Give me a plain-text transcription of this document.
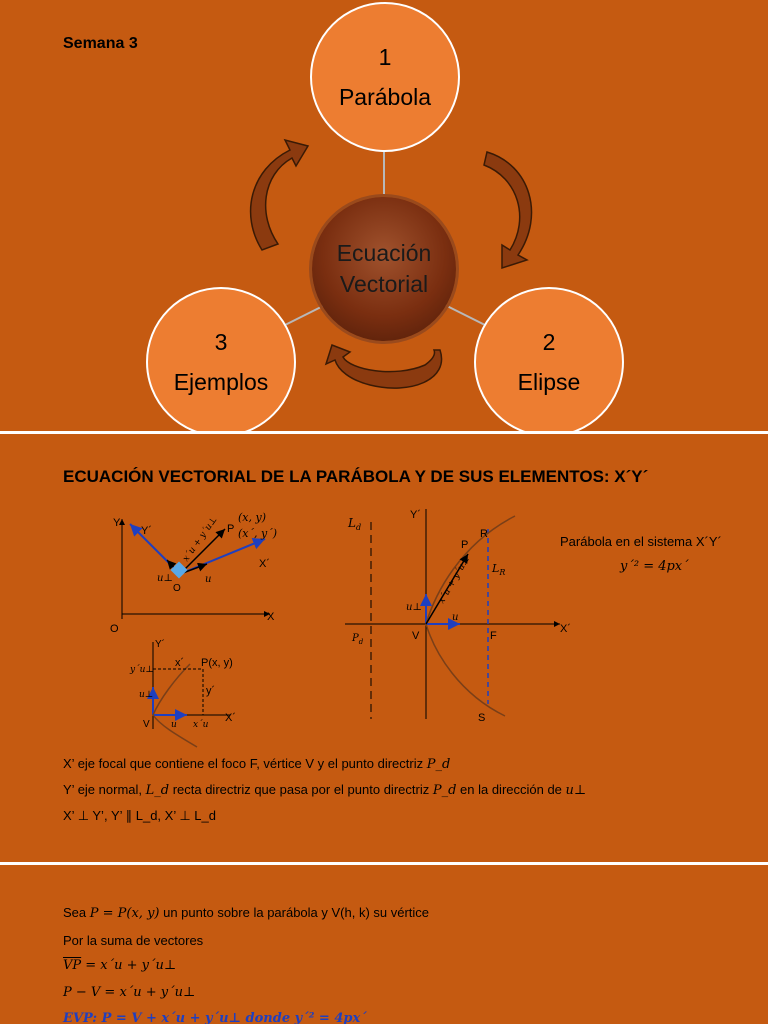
Semana 3
1
Parábola
2
Elipse
3
Ejemplos
Ecuación
Vectorial
ECUACIÓN VECTORIAL DE LA PARÁBOLA Y DE SUS ELEMENTOS: X´Y´
Y
Y´	P
(x, y)
(x´, y´)
X´
X
O
O
u
u⊥
x´u + y´u⊥
Y´
y´u⊥
x´ P(x, y)
y´
u⊥
V u x´u
X´
$L_d$
Y´
R
P
$L_R$
x´u + y´u⊥
u⊥
$P_d$	V
u
F
X´
S
Parábola en el sistema X´Y´
y´² = 4px´
X’ eje focal que contiene el foco F, vértice V y el punto directriz P_d
Y’ eje normal, L_d recta directriz que pasa por el punto directriz P_d en la dirección de u⊥
X’ ⊥ Y’, Y’ ∥ L_d, X’ ⊥ L_d
Sea P = P(x, y) un punto sobre la parábola y V(h, k) su vértice
Por la suma de vectores
$\overline{VP}$ = x´u + y´u⊥
P − V = x´u + y´u⊥
EVP: P = V + x´u + y´u⊥ donde y´² = 4px´
